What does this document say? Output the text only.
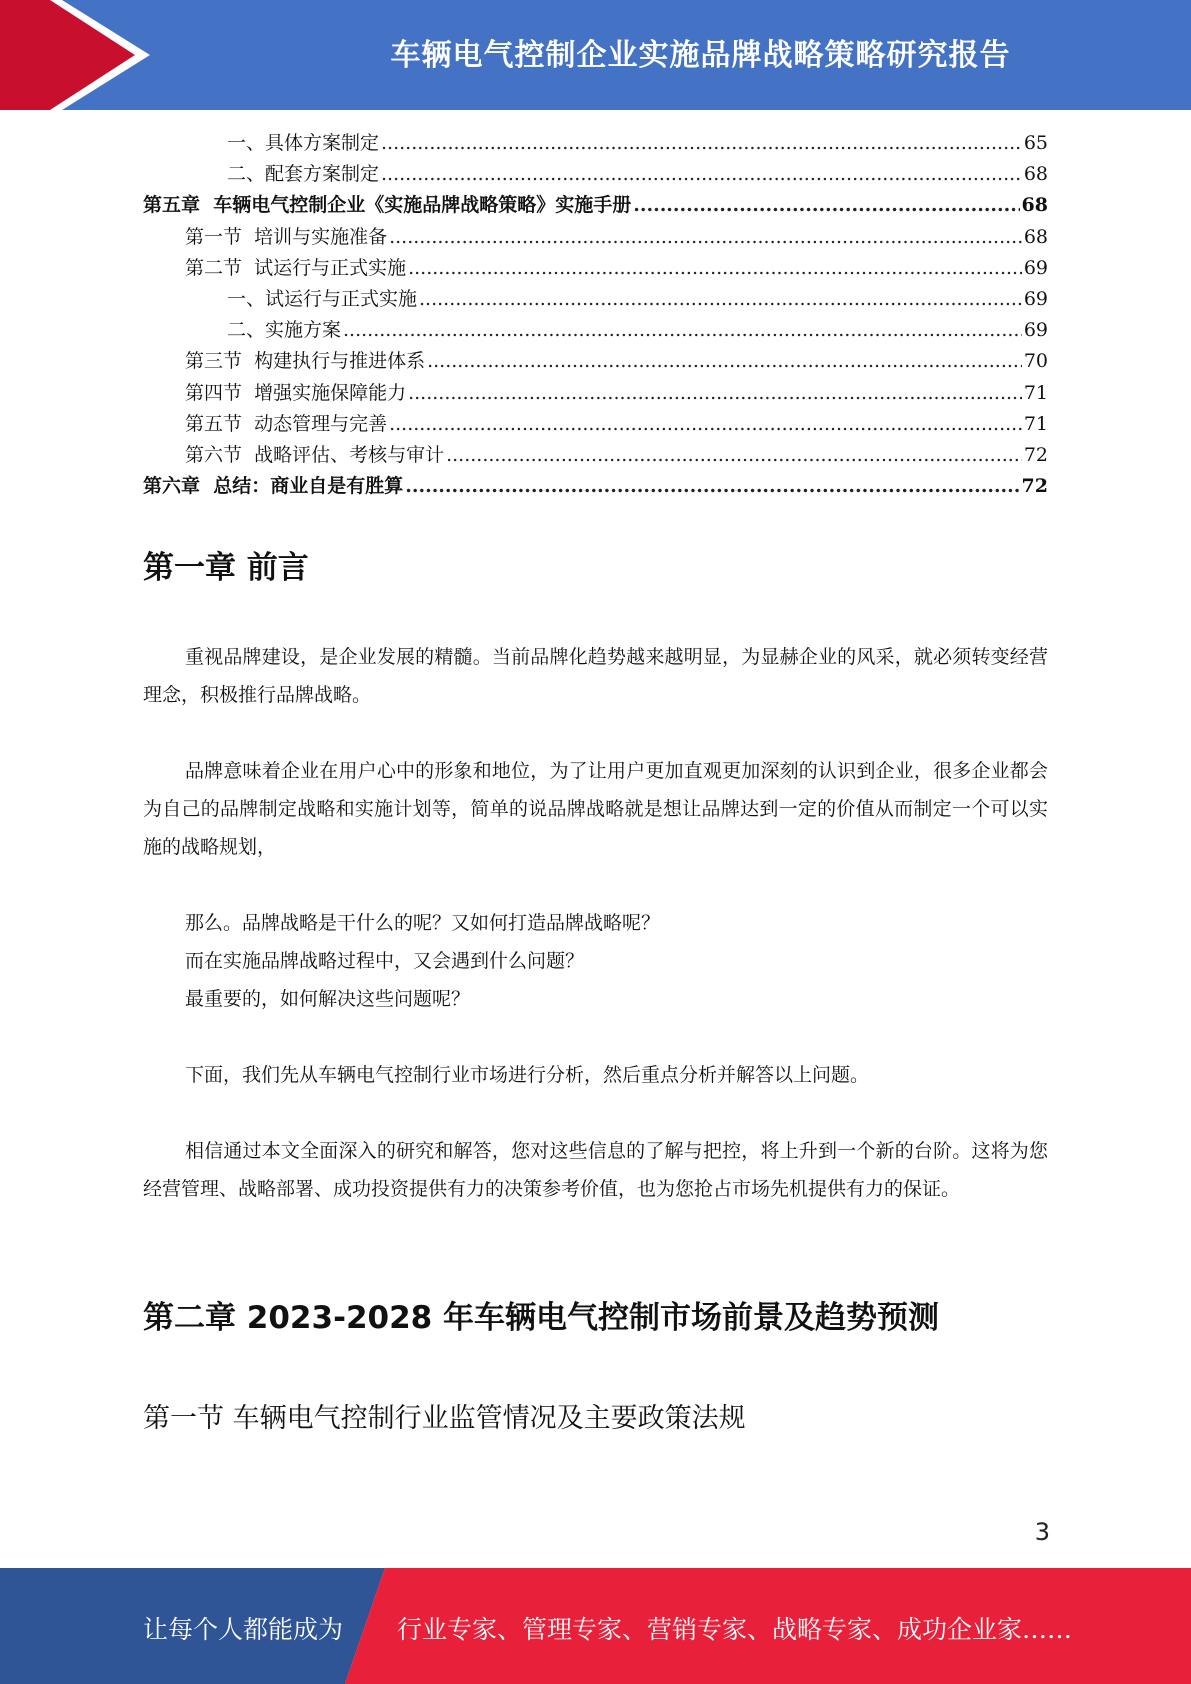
车辆电气控制企业实施品牌战略策略研究报告
一、具体方案制定 .....	65
二、配套方案制定 .....	68
第五章  车辆电气控制企业《实施品牌战略策略》实施手册 .....	68
第一节  培训与实施准备 .....	68
第二节  试运行与正式实施 .....	69
一、试运行与正式实施 .....	69
二、实施方案 .....	69
第三节  构建执行与推进体系 .....	70
第四节  增强实施保障能力 .....	71
第五节  动态管理与完善 .....	71
第六节  战略评估、考核与审计 .....	72
第六章  总结：商业自是有胜算 .....	72
第一章 前言

重视品牌建设，是企业发展的精髓。当前品牌化趋势越来越明显，为显赫企业的风采，就必须转变经营理念，积极推行品牌战略。

品牌意味着企业在用户心中的形象和地位，为了让用户更加直观更加深刻的认识到企业，很多企业都会为自己的品牌制定战略和实施计划等，简单的说品牌战略就是想让品牌达到一定的价值从而制定一个可以实施的战略规划，

那么。品牌战略是干什么的呢？又如何打造品牌战略呢？
而在实施品牌战略过程中，又会遇到什么问题？
最重要的，如何解决这些问题呢？

下面，我们先从车辆电气控制行业市场进行分析，然后重点分析并解答以上问题。

相信通过本文全面深入的研究和解答，您对这些信息的了解与把控，将上升到一个新的台阶。这将为您经营管理、战略部署、成功投资提供有力的决策参考价值，也为您抢占市场先机提供有力的保证。

第二章 2023-2028 年车辆电气控制市场前景及趋势预测
第一节 车辆电气控制行业监管情况及主要政策法规
3
让每个人都能成为 行业专家、管理专家、营销专家、战略专家、成功企业家……
